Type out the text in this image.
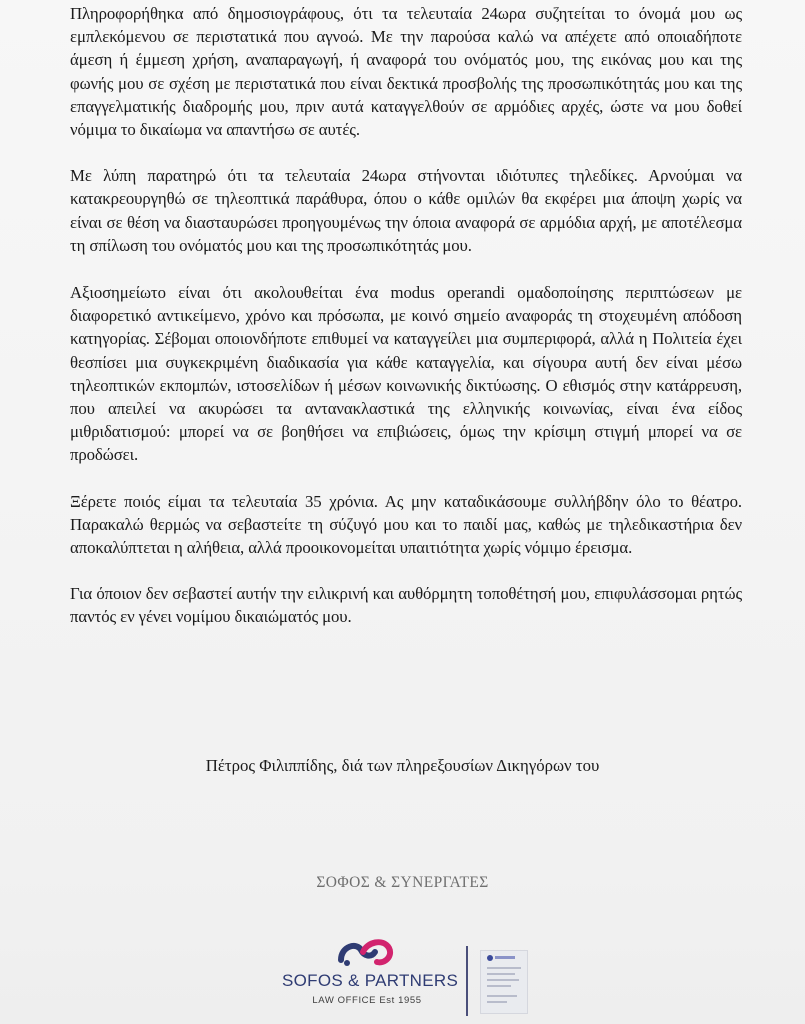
Πληροφορήθηκα από δημοσιογράφους, ότι τα τελευταία 24ωρα συζητείται το όνομά μου ως εμπλεκόμενου σε περιστατικά που αγνοώ. Με την παρούσα καλώ να απέχετε από οποιαδήποτε άμεση ή έμμεση χρήση, αναπαραγωγή, ή αναφορά του ονόματός μου, της εικόνας μου και της φωνής μου σε σχέση με περιστατικά που είναι δεκτικά προσβολής της προσωπικότητάς μου και της επαγγελματικής διαδρομής μου, πριν αυτά καταγγελθούν σε αρμόδιες αρχές, ώστε να μου δοθεί νόμιμα το δικαίωμα να απαντήσω σε αυτές.

Με λύπη παρατηρώ ότι τα τελευταία 24ωρα στήνονται ιδιότυπες τηλεδίκες. Αρνούμαι να κατακρεουργηθώ σε τηλεοπτικά παράθυρα, όπου ο κάθε ομιλών θα εκφέρει μια άποψη χωρίς να είναι σε θέση να διασταυρώσει προηγουμένως την όποια αναφορά σε αρμόδια αρχή, με αποτέλεσμα τη σπίλωση του ονόματός μου και της προσωπικότητάς μου.

Αξιοσημείωτο είναι ότι ακολουθείται ένα modus operandi ομαδοποίησης περιπτώσεων με διαφορετικό αντικείμενο, χρόνο και πρόσωπα, με κοινό σημείο αναφοράς τη στοχευμένη απόδοση κατηγορίας. Σέβομαι οποιονδήποτε επιθυμεί να καταγγείλει μια συμπεριφορά, αλλά η Πολιτεία έχει θεσπίσει μια συγκεκριμένη διαδικασία για κάθε καταγγελία, και σίγουρα αυτή δεν είναι μέσω τηλεοπτικών εκπομπών, ιστοσελίδων ή μέσων κοινωνικής δικτύωσης. Ο εθισμός στην κατάρρευση, που απειλεί να ακυρώσει τα αντανακλαστικά της ελληνικής κοινωνίας, είναι ένα είδος μιθριδατισμού: μπορεί να σε βοηθήσει να επιβιώσεις, όμως την κρίσιμη στιγμή μπορεί να σε προδώσει.

Ξέρετε ποιός είμαι τα τελευταία 35 χρόνια. Ας μην καταδικάσουμε συλλήβδην όλο το θέατρο. Παρακαλώ θερμώς να σεβαστείτε τη σύζυγό μου και το παιδί μας, καθώς με τηλεδικαστήρια δεν αποκαλύπτεται η αλήθεια, αλλά προοικονομείται υπαιτιότητα χωρίς νόμιμο έρεισμα.

Για όποιον δεν σεβαστεί αυτήν την ειλικρινή και αυθόρμητη τοποθέτησή μου, επιφυλάσσομαι ρητώς παντός εν γένει νομίμου δικαιώματός μου.

Πέτρος Φιλιππίδης, διά των πληρεξουσίων Δικηγόρων του
ΣΟΦΟΣ & ΣΥΝΕΡΓΑΤΕΣ
SOFOS & PARTNERS
LAW OFFICE Est 1955
